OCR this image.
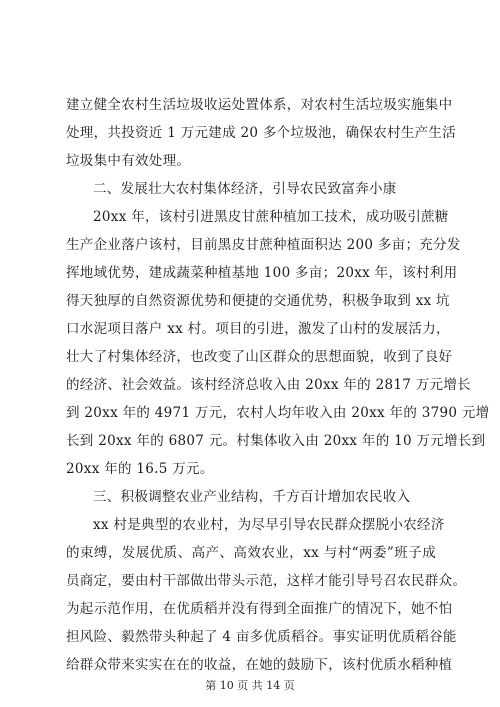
建立健全农村生活垃圾收运处置体系，对农村生活垃圾实施集中
处理，共投资近 1 万元建成 20 多个垃圾池，确保农村生产生活
垃圾集中有效处理。
二、发展壮大农村集体经济，引导农民致富奔小康
20xx 年，该村引进黑皮甘蔗种植加工技术，成功吸引蔗糖
生产企业落户该村，目前黑皮甘蔗种植面积达 200 多亩；充分发
挥地域优势，建成蔬菜种植基地 100 多亩；20xx 年，该村利用
得天独厚的自然资源优势和便捷的交通优势，积极争取到 xx 坑
口水泥项目落户 xx 村。项目的引进，激发了山村的发展活力，
壮大了村集体经济，也改变了山区群众的思想面貌，收到了良好
的经济、社会效益。该村经济总收入由 20xx 年的 2817 万元增长
到 20xx 年的 4971 万元，农村人均年收入由 20xx 年的 3790 元增
长到 20xx 年的 6807 元。村集体收入由 20xx 年的 10 万元增长到
20xx 年的 16.5 万元。
三、积极调整农业产业结构，千方百计增加农民收入
xx 村是典型的农业村，为尽早引导农民群众摆脱小农经济
的束缚，发展优质、高产、高效农业，xx 与村“两委”班子成
员商定，要由村干部做出带头示范，这样才能引导号召农民群众。
为起示范作用，在优质稻并没有得到全面推广的情况下，她不怕
担风险、毅然带头种起了 4 亩多优质稻谷。事实证明优质稻谷能
给群众带来实实在在的收益，在她的鼓励下，该村优质水稻种植
第 10 页 共 14 页
